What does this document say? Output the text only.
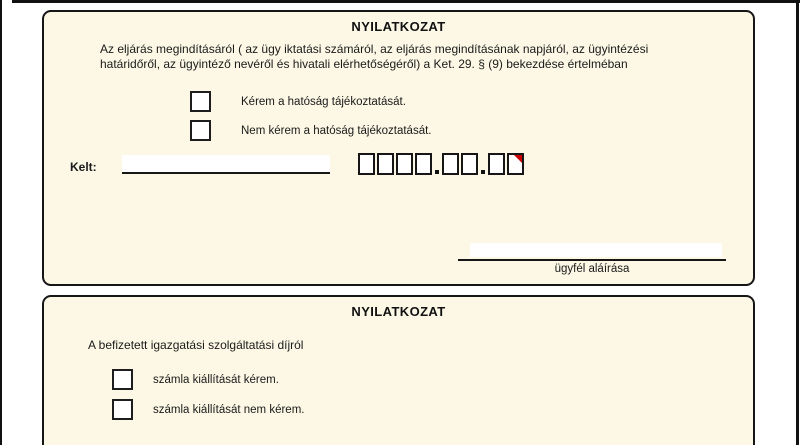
NYILATKOZAT
Az eljárás megindításáról ( az ügy iktatási számáról, az eljárás megindításának napjáról, az ügyintézési
határidőről, az ügyintéző nevéről és hivatali elérhetőségéről) a Ket. 29. § (9) bekezdése értelmébаn
Kérem a hatóság tájékoztatását.
Nem kérem a hatóság tájékoztatását.
Kelt:
ügyfél aláírása
NYILATKOZAT
A befizetett igazgatási szolgáltatási díjról
számla kiállítását kérem.
számla kiállítását nem kérem.
